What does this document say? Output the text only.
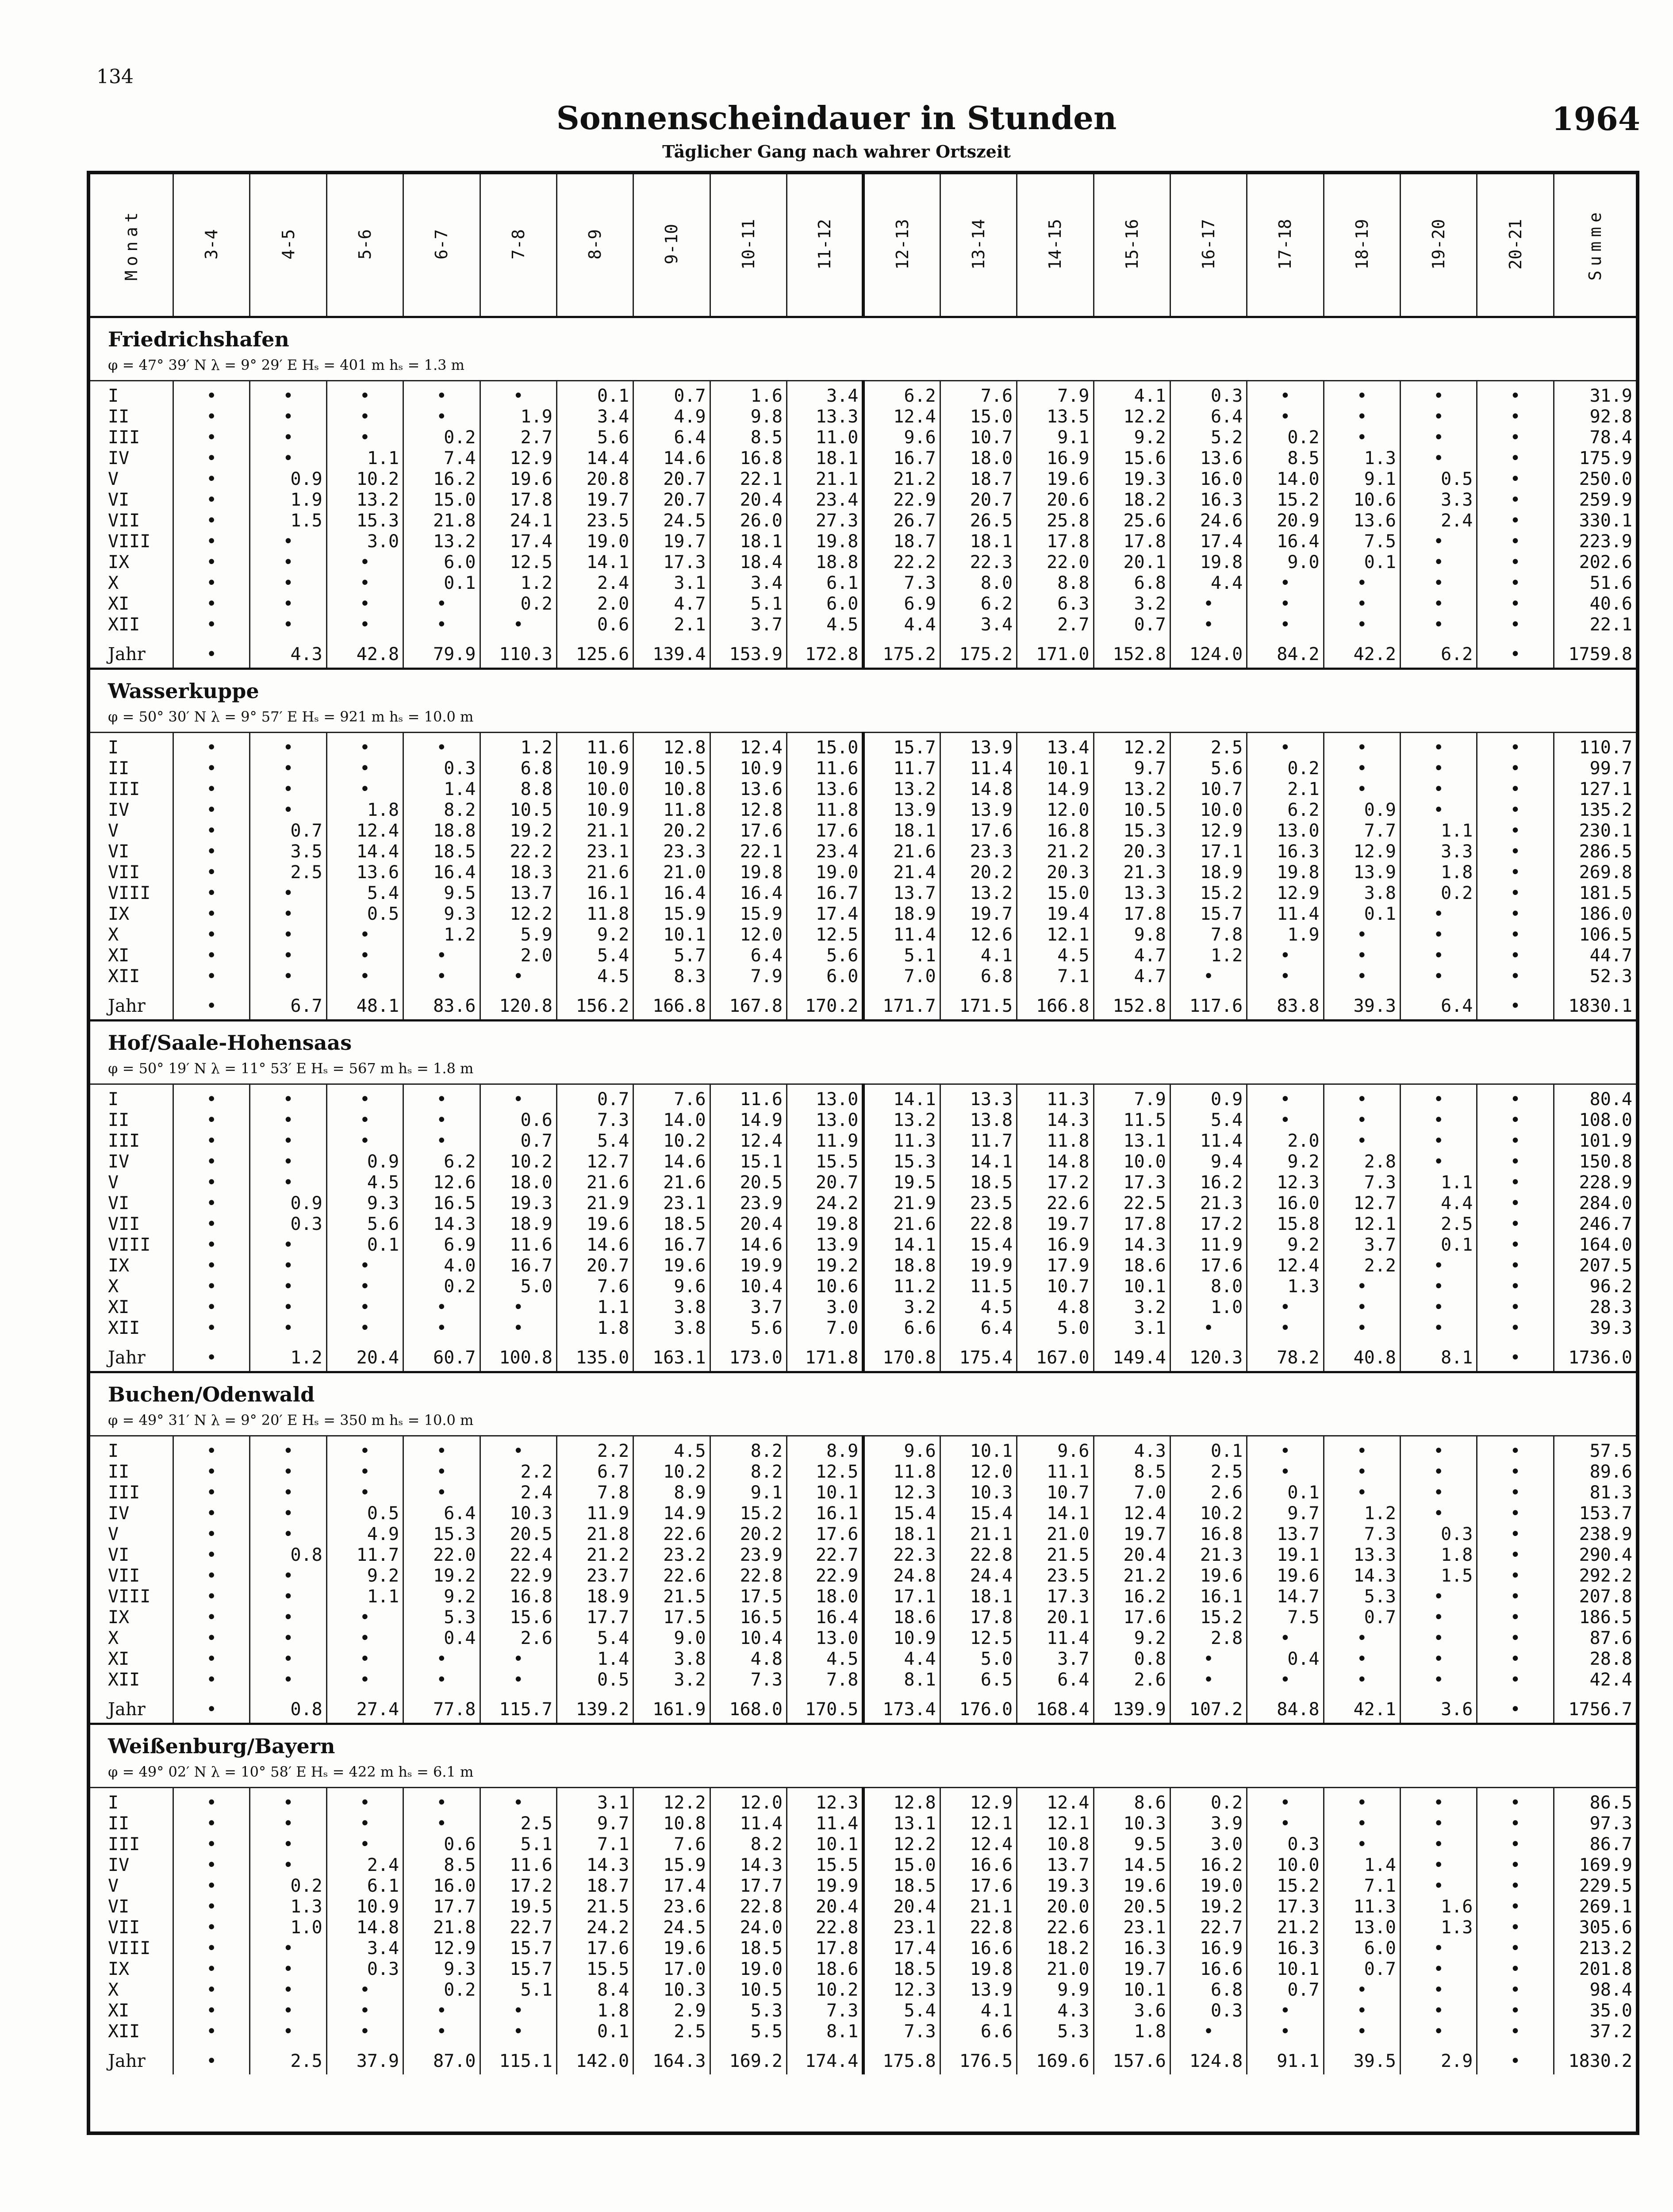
134
Sonnenscheindauer in Stunden	1964
Täglicher Gang nach wahrer Ortszeit
Monat	3-4	4-5	5-6	6-7	7-8	8-9	9-10	10-11	11-12	12-13	13-14	14-15	15-16	16-17	17-18	18-19	19-20	20-21	Summe
Friedrichshafen																			
φ = 47° 39′ N λ = 9° 29′ E Hₛ = 401 m hₛ = 1.3 m																			
I	•	•	•	•	•	0.1	0.7	1.6	3.4	6.2	7.6	7.9	4.1	0.3	•	•	•	•	31.9
II	•	•	•	•	1.9	3.4	4.9	9.8	13.3	12.4	15.0	13.5	12.2	6.4	•	•	•	•	92.8
III	•	•	•	0.2	2.7	5.6	6.4	8.5	11.0	9.6	10.7	9.1	9.2	5.2	0.2	•	•	•	78.4
IV	•	•	1.1	7.4	12.9	14.4	14.6	16.8	18.1	16.7	18.0	16.9	15.6	13.6	8.5	1.3	•	•	175.9
V	•	0.9	10.2	16.2	19.6	20.8	20.7	22.1	21.1	21.2	18.7	19.6	19.3	16.0	14.0	9.1	0.5	•	250.0
VI	•	1.9	13.2	15.0	17.8	19.7	20.7	20.4	23.4	22.9	20.7	20.6	18.2	16.3	15.2	10.6	3.3	•	259.9
VII	•	1.5	15.3	21.8	24.1	23.5	24.5	26.0	27.3	26.7	26.5	25.8	25.6	24.6	20.9	13.6	2.4	•	330.1
VIII	•	•	3.0	13.2	17.4	19.0	19.7	18.1	19.8	18.7	18.1	17.8	17.8	17.4	16.4	7.5	•	•	223.9
IX	•	•	•	6.0	12.5	14.1	17.3	18.4	18.8	22.2	22.3	22.0	20.1	19.8	9.0	0.1	•	•	202.6
X	•	•	•	0.1	1.2	2.4	3.1	3.4	6.1	7.3	8.0	8.8	6.8	4.4	•	•	•	•	51.6
XI	•	•	•	•	0.2	2.0	4.7	5.1	6.0	6.9	6.2	6.3	3.2	•	•	•	•	•	40.6
XII	•	•	•	•	•	0.6	2.1	3.7	4.5	4.4	3.4	2.7	0.7	•	•	•	•	•	22.1
Jahr	•	4.3	42.8	79.9	110.3	125.6	139.4	153.9	172.8	175.2	175.2	171.0	152.8	124.0	84.2	42.2	6.2	•	1759.8
Wasserkuppe																			
φ = 50° 30′ N λ = 9° 57′ E Hₛ = 921 m hₛ = 10.0 m																			
I	•	•	•	•	1.2	11.6	12.8	12.4	15.0	15.7	13.9	13.4	12.2	2.5	•	•	•	•	110.7
II	•	•	•	0.3	6.8	10.9	10.5	10.9	11.6	11.7	11.4	10.1	9.7	5.6	0.2	•	•	•	99.7
III	•	•	•	1.4	8.8	10.0	10.8	13.6	13.6	13.2	14.8	14.9	13.2	10.7	2.1	•	•	•	127.1
IV	•	•	1.8	8.2	10.5	10.9	11.8	12.8	11.8	13.9	13.9	12.0	10.5	10.0	6.2	0.9	•	•	135.2
V	•	0.7	12.4	18.8	19.2	21.1	20.2	17.6	17.6	18.1	17.6	16.8	15.3	12.9	13.0	7.7	1.1	•	230.1
VI	•	3.5	14.4	18.5	22.2	23.1	23.3	22.1	23.4	21.6	23.3	21.2	20.3	17.1	16.3	12.9	3.3	•	286.5
VII	•	2.5	13.6	16.4	18.3	21.6	21.0	19.8	19.0	21.4	20.2	20.3	21.3	18.9	19.8	13.9	1.8	•	269.8
VIII	•	•	5.4	9.5	13.7	16.1	16.4	16.4	16.7	13.7	13.2	15.0	13.3	15.2	12.9	3.8	0.2	•	181.5
IX	•	•	0.5	9.3	12.2	11.8	15.9	15.9	17.4	18.9	19.7	19.4	17.8	15.7	11.4	0.1	•	•	186.0
X	•	•	•	1.2	5.9	9.2	10.1	12.0	12.5	11.4	12.6	12.1	9.8	7.8	1.9	•	•	•	106.5
XI	•	•	•	•	2.0	5.4	5.7	6.4	5.6	5.1	4.1	4.5	4.7	1.2	•	•	•	•	44.7
XII	•	•	•	•	•	4.5	8.3	7.9	6.0	7.0	6.8	7.1	4.7	•	•	•	•	•	52.3
Jahr	•	6.7	48.1	83.6	120.8	156.2	166.8	167.8	170.2	171.7	171.5	166.8	152.8	117.6	83.8	39.3	6.4	•	1830.1
Hof/Saale-Hohensaas																			
φ = 50° 19′ N λ = 11° 53′ E Hₛ = 567 m hₛ = 1.8 m																			
I	•	•	•	•	•	0.7	7.6	11.6	13.0	14.1	13.3	11.3	7.9	0.9	•	•	•	•	80.4
II	•	•	•	•	0.6	7.3	14.0	14.9	13.0	13.2	13.8	14.3	11.5	5.4	•	•	•	•	108.0
III	•	•	•	•	0.7	5.4	10.2	12.4	11.9	11.3	11.7	11.8	13.1	11.4	2.0	•	•	•	101.9
IV	•	•	0.9	6.2	10.2	12.7	14.6	15.1	15.5	15.3	14.1	14.8	10.0	9.4	9.2	2.8	•	•	150.8
V	•	•	4.5	12.6	18.0	21.6	21.6	20.5	20.7	19.5	18.5	17.2	17.3	16.2	12.3	7.3	1.1	•	228.9
VI	•	0.9	9.3	16.5	19.3	21.9	23.1	23.9	24.2	21.9	23.5	22.6	22.5	21.3	16.0	12.7	4.4	•	284.0
VII	•	0.3	5.6	14.3	18.9	19.6	18.5	20.4	19.8	21.6	22.8	19.7	17.8	17.2	15.8	12.1	2.5	•	246.7
VIII	•	•	0.1	6.9	11.6	14.6	16.7	14.6	13.9	14.1	15.4	16.9	14.3	11.9	9.2	3.7	0.1	•	164.0
IX	•	•	•	4.0	16.7	20.7	19.6	19.9	19.2	18.8	19.9	17.9	18.6	17.6	12.4	2.2	•	•	207.5
X	•	•	•	0.2	5.0	7.6	9.6	10.4	10.6	11.2	11.5	10.7	10.1	8.0	1.3	•	•	•	96.2
XI	•	•	•	•	•	1.1	3.8	3.7	3.0	3.2	4.5	4.8	3.2	1.0	•	•	•	•	28.3
XII	•	•	•	•	•	1.8	3.8	5.6	7.0	6.6	6.4	5.0	3.1	•	•	•	•	•	39.3
Jahr	•	1.2	20.4	60.7	100.8	135.0	163.1	173.0	171.8	170.8	175.4	167.0	149.4	120.3	78.2	40.8	8.1	•	1736.0
Buchen/Odenwald																			
φ = 49° 31′ N λ = 9° 20′ E Hₛ = 350 m hₛ = 10.0 m																			
I	•	•	•	•	•	2.2	4.5	8.2	8.9	9.6	10.1	9.6	4.3	0.1	•	•	•	•	57.5
II	•	•	•	•	2.2	6.7	10.2	8.2	12.5	11.8	12.0	11.1	8.5	2.5	•	•	•	•	89.6
III	•	•	•	•	2.4	7.8	8.9	9.1	10.1	12.3	10.3	10.7	7.0	2.6	0.1	•	•	•	81.3
IV	•	•	0.5	6.4	10.3	11.9	14.9	15.2	16.1	15.4	15.4	14.1	12.4	10.2	9.7	1.2	•	•	153.7
V	•	•	4.9	15.3	20.5	21.8	22.6	20.2	17.6	18.1	21.1	21.0	19.7	16.8	13.7	7.3	0.3	•	238.9
VI	•	0.8	11.7	22.0	22.4	21.2	23.2	23.9	22.7	22.3	22.8	21.5	20.4	21.3	19.1	13.3	1.8	•	290.4
VII	•	•	9.2	19.2	22.9	23.7	22.6	22.8	22.9	24.8	24.4	23.5	21.2	19.6	19.6	14.3	1.5	•	292.2
VIII	•	•	1.1	9.2	16.8	18.9	21.5	17.5	18.0	17.1	18.1	17.3	16.2	16.1	14.7	5.3	•	•	207.8
IX	•	•	•	5.3	15.6	17.7	17.5	16.5	16.4	18.6	17.8	20.1	17.6	15.2	7.5	0.7	•	•	186.5
X	•	•	•	0.4	2.6	5.4	9.0	10.4	13.0	10.9	12.5	11.4	9.2	2.8	•	•	•	•	87.6
XI	•	•	•	•	•	1.4	3.8	4.8	4.5	4.4	5.0	3.7	0.8	•	0.4	•	•	•	28.8
XII	•	•	•	•	•	0.5	3.2	7.3	7.8	8.1	6.5	6.4	2.6	•	•	•	•	•	42.4
Jahr	•	0.8	27.4	77.8	115.7	139.2	161.9	168.0	170.5	173.4	176.0	168.4	139.9	107.2	84.8	42.1	3.6	•	1756.7
Weißenburg/Bayern																			
φ = 49° 02′ N λ = 10° 58′ E Hₛ = 422 m hₛ = 6.1 m																			
I	•	•	•	•	•	3.1	12.2	12.0	12.3	12.8	12.9	12.4	8.6	0.2	•	•	•	•	86.5
II	•	•	•	•	2.5	9.7	10.8	11.4	11.4	13.1	12.1	12.1	10.3	3.9	•	•	•	•	97.3
III	•	•	•	0.6	5.1	7.1	7.6	8.2	10.1	12.2	12.4	10.8	9.5	3.0	0.3	•	•	•	86.7
IV	•	•	2.4	8.5	11.6	14.3	15.9	14.3	15.5	15.0	16.6	13.7	14.5	16.2	10.0	1.4	•	•	169.9
V	•	0.2	6.1	16.0	17.2	18.7	17.4	17.7	19.9	18.5	17.6	19.3	19.6	19.0	15.2	7.1	•	•	229.5
VI	•	1.3	10.9	17.7	19.5	21.5	23.6	22.8	20.4	20.4	21.1	20.0	20.5	19.2	17.3	11.3	1.6	•	269.1
VII	•	1.0	14.8	21.8	22.7	24.2	24.5	24.0	22.8	23.1	22.8	22.6	23.1	22.7	21.2	13.0	1.3	•	305.6
VIII	•	•	3.4	12.9	15.7	17.6	19.6	18.5	17.8	17.4	16.6	18.2	16.3	16.9	16.3	6.0	•	•	213.2
IX	•	•	0.3	9.3	15.7	15.5	17.0	19.0	18.6	18.5	19.8	21.0	19.7	16.6	10.1	0.7	•	•	201.8
X	•	•	•	0.2	5.1	8.4	10.3	10.5	10.2	12.3	13.9	9.9	10.1	6.8	0.7	•	•	•	98.4
XI	•	•	•	•	•	1.8	2.9	5.3	7.3	5.4	4.1	4.3	3.6	0.3	•	•	•	•	35.0
XII	•	•	•	•	•	0.1	2.5	5.5	8.1	7.3	6.6	5.3	1.8	•	•	•	•	•	37.2
Jahr	•	2.5	37.9	87.0	115.1	142.0	164.3	169.2	174.4	175.8	176.5	169.6	157.6	124.8	91.1	39.5	2.9	•	1830.2
